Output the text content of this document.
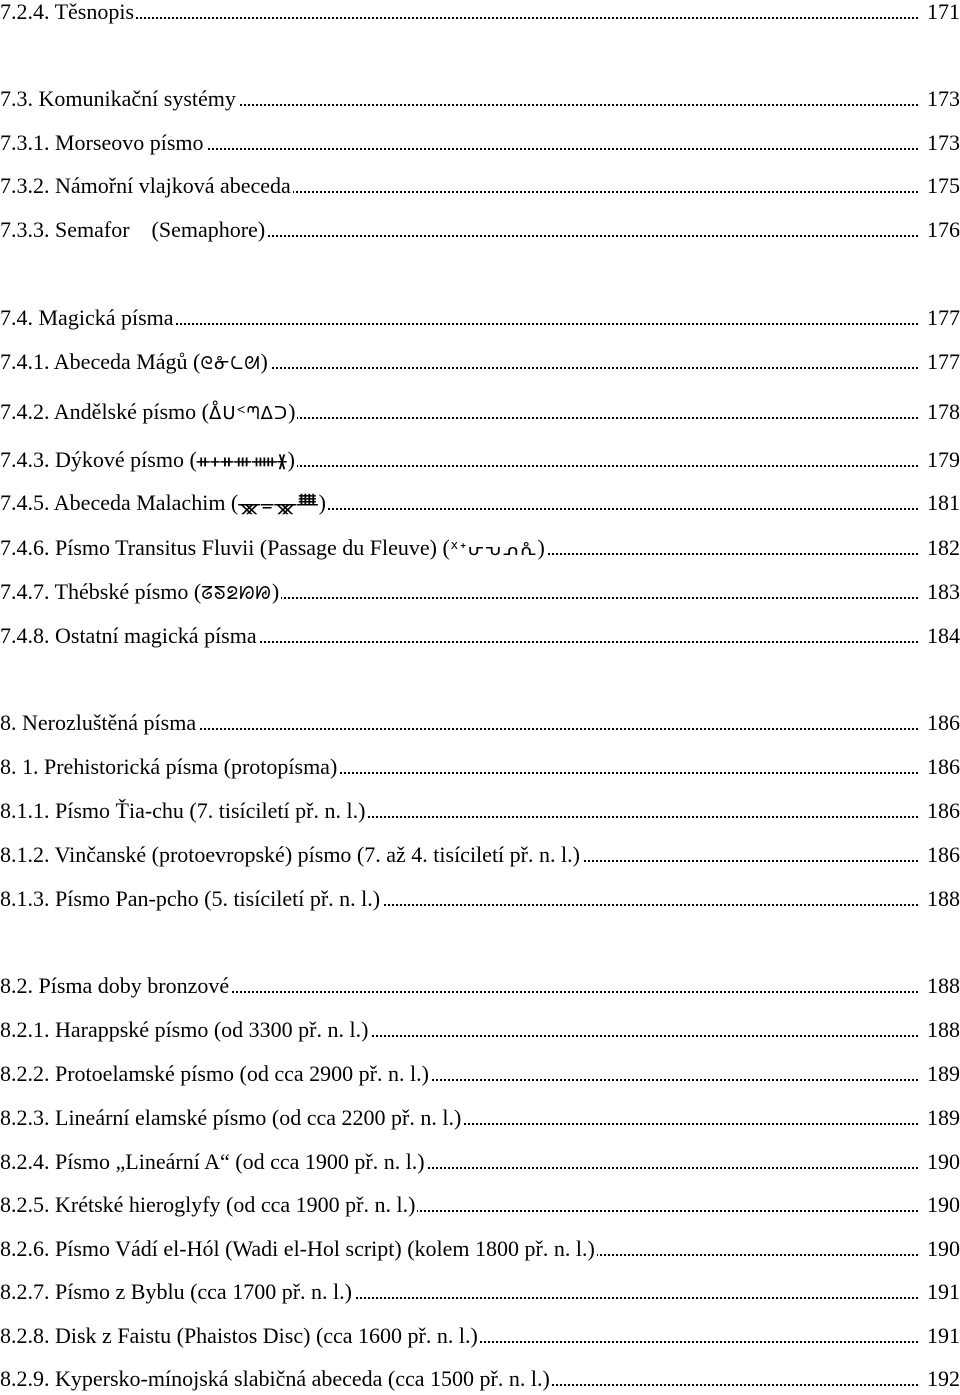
7.2.4. Těsnopis	171
7.3. Komunikační systémy	173
7.3.1. Morseovo písmo	173
7.3.2. Námořní vlajková abeceda	175
7.3.3. Semafor    (Semaphore)	176
7.4. Magická písma	177
7.4.1. Abeceda Mágů (ᘓᓁᘇᘛ)	177
7.4.2. Andělské písmo (ᐂᑌᑉᘉᐃᑐ)	178
7.4.3. Dýkové písmo (ᚑᚐᚑᚒᚔᚕ)	179
7.4.5. Abeceda Malachim (ᚘᚚᚘᚙ)	181
7.4.6. Písmo Transitus Fluvii (Passage du Fleuve) (ᕁᕀᕂᕃᕄᕅ)	182
7.4.7. Thébské písmo (ᘔᘕᘖᘗᘘ)	183
7.4.8. Ostatní magická písma	184
8. Nerozluštěná písma	186
8. 1. Prehistorická písma (protopísma)	186
8.1.1. Písmo Ťia-chu (7. tisíciletí př. n. l.)	186
8.1.2. Vinčanské (protoevropské) písmo (7. až 4. tisíciletí př. n. l.)	186
8.1.3. Písmo Pan-pcho (5. tisíciletí př. n. l.)	188
8.2. Písma doby bronzové	188
8.2.1. Harappské písmo (od 3300 př. n. l.)	188
8.2.2. Protoelamské písmo (od cca 2900 př. n. l.)	189
8.2.3. Lineární elamské písmo (od cca 2200 př. n. l.)	189
8.2.4. Písmo „Lineární A“ (od cca 1900 př. n. l.)	190
8.2.5. Krétské hieroglyfy (od cca 1900 př. n. l.)	190
8.2.6. Písmo Vádí el-Hól (Wadi el-Hol script) (kolem 1800 př. n. l.)	190
8.2.7. Písmo z Byblu (cca 1700 př. n. l.)	191
8.2.8. Disk z Faistu (Phaistos Disc) (cca 1600 př. n. l.)	191
8.2.9. Kypersko-mínojská slabičná abeceda (cca 1500 př. n. l.)	192
